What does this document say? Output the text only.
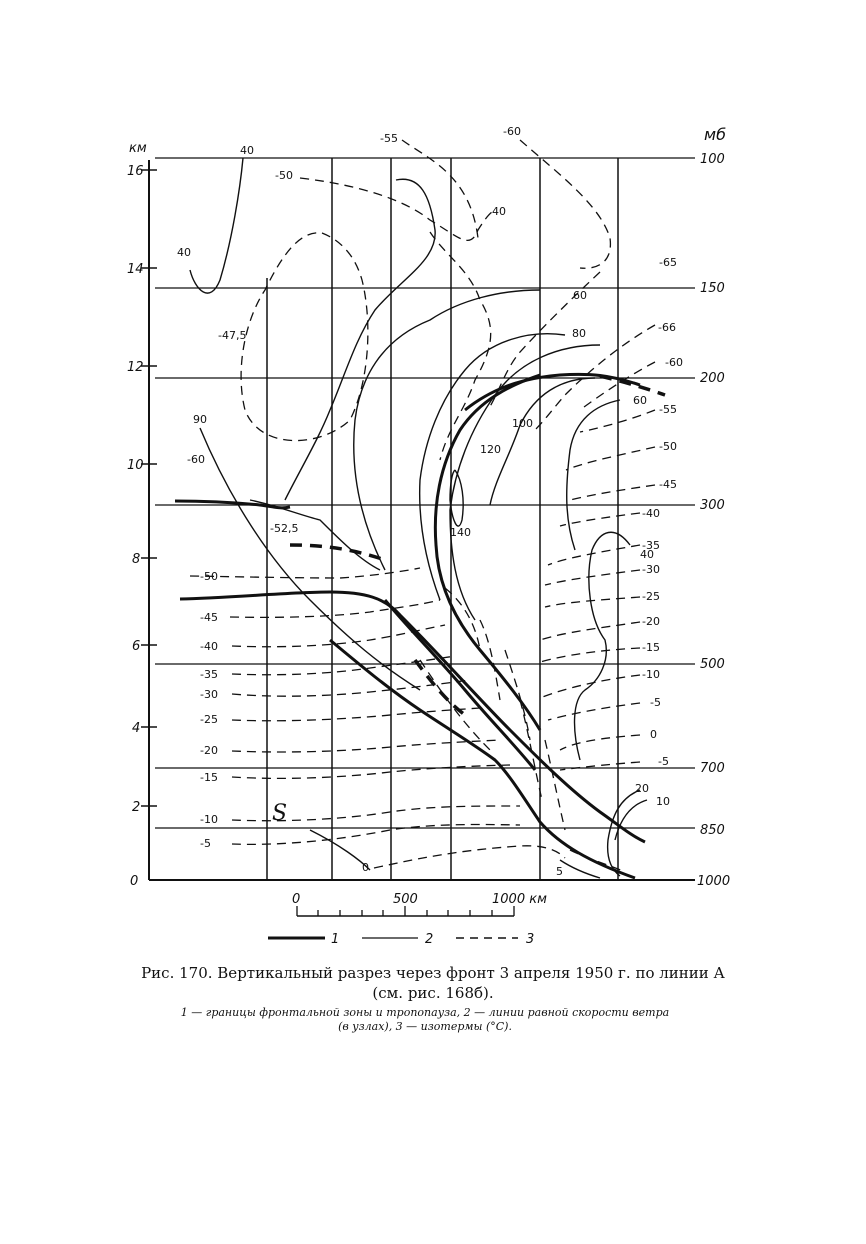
км
16
14
12
10
8
6
4
2
0
мб
100
150
200
300
500
700
850
1000
-55
-60
-50
-65
-47,5
-66
-60
-55
-50
-45
-40
-35
-30
-25
-20
-15
-10
-5
0
-5
-60
-52,5
-50
-45
-40
-35
-30
-25
-20
-15
-10
-5
0	5
40
40
40
90
60
80
100
120
140
60
40
20
10
S
0	500	1000 км
1	2	3
Рис. 170. Вертикальный разрез через фронт 3 апреля 1950 г. по линии А
(см. рис. 168б).
1 — границы фронтальной зоны и тропопауза, 2 — линии равной скорости ветра
(в узлах), 3 — изотермы (°C).
